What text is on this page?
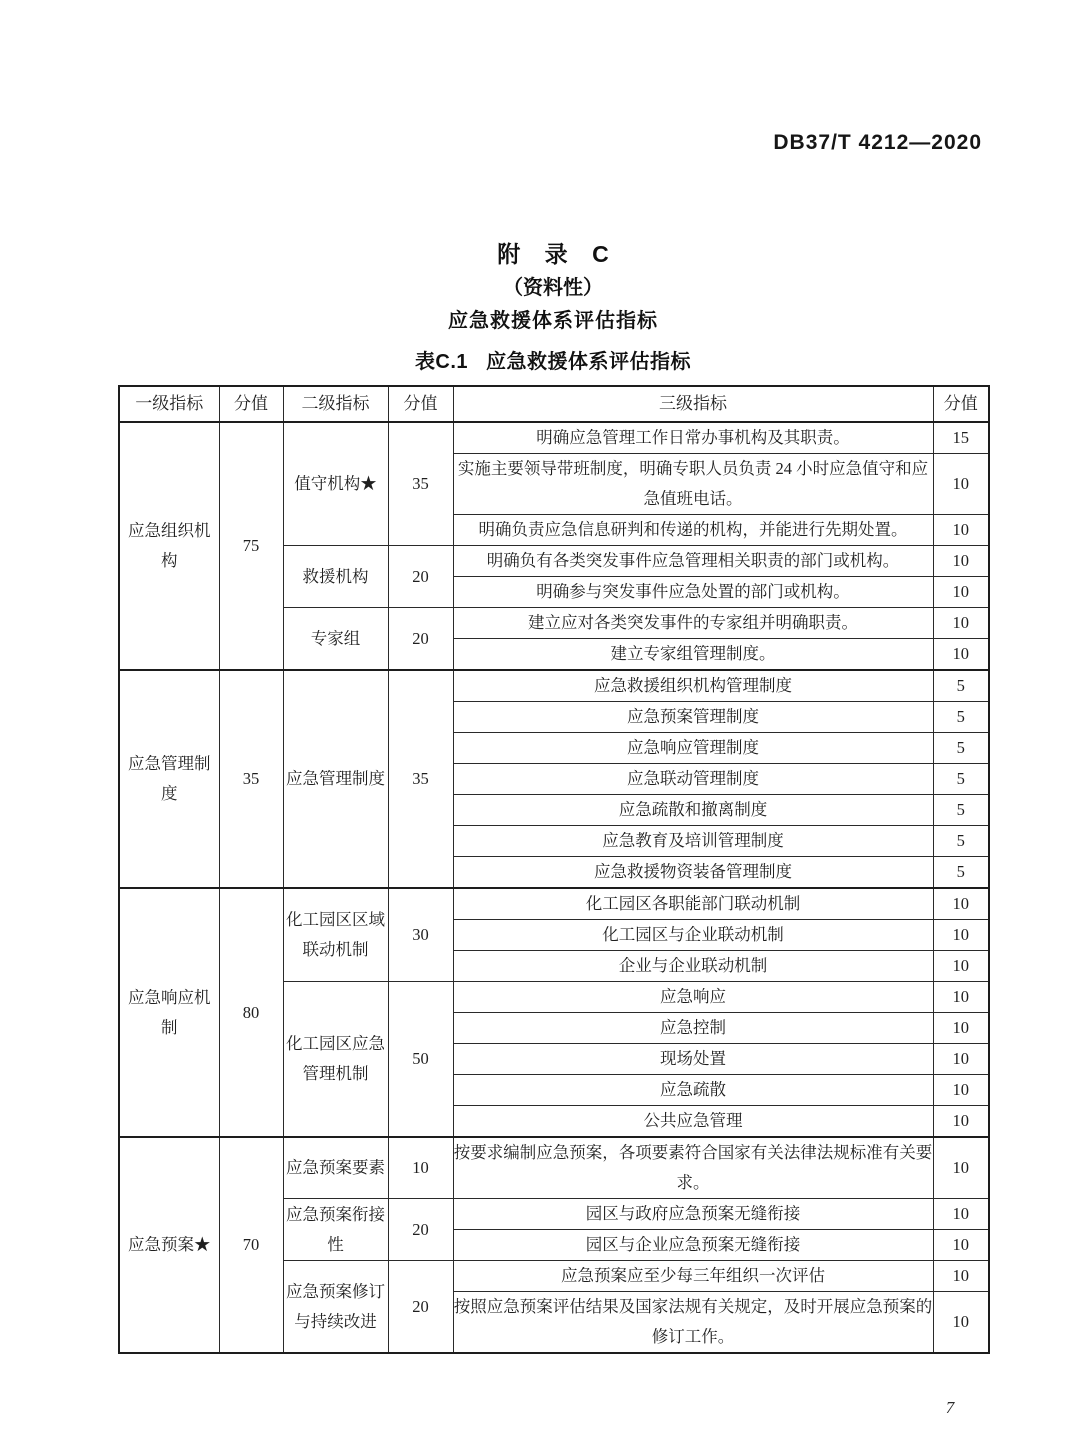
DB37/T 4212—2020
附 录 C
（资料性）
应急救援体系评估指标
表C.1 应急救援体系评估指标
一级指标	分值	二级指标	分值	三级指标	分值
应急组织机构	75	值守机构★	35	明确应急管理工作日常办事机构及其职责。	15
				实施主要领导带班制度，明确专职人员负责 24 小时应急值守和应急值班电话。	10
				明确负责应急信息研判和传递的机构，并能进行先期处置。	10
		救援机构	20	明确负有各类突发事件应急管理相关职责的部门或机构。	10
				明确参与突发事件应急处置的部门或机构。	10
		专家组	20	建立应对各类突发事件的专家组并明确职责。	10
				建立专家组管理制度。	10
应急管理制度	35	应急管理制度	35	应急救援组织机构管理制度	5
				应急预案管理制度	5
				应急响应管理制度	5
				应急联动管理制度	5
				应急疏散和撤离制度	5
				应急教育及培训管理制度	5
				应急救援物资装备管理制度	5
应急响应机制	80	化工园区区域联动机制	30	化工园区各职能部门联动机制	10
				化工园区与企业联动机制	10
				企业与企业联动机制	10
		化工园区应急管理机制	50	应急响应	10
				应急控制	10
				现场处置	10
				应急疏散	10
				公共应急管理	10
应急预案★	70	应急预案要素	10	按要求编制应急预案，各项要素符合国家有关法律法规标准有关要求。	10
		应急预案衔接性	20	园区与政府应急预案无缝衔接	10
				园区与企业应急预案无缝衔接	10
		应急预案修订与持续改进	20	应急预案应至少每三年组织一次评估	10
				按照应急预案评估结果及国家法规有关规定，及时开展应急预案的修订工作。	10
7
